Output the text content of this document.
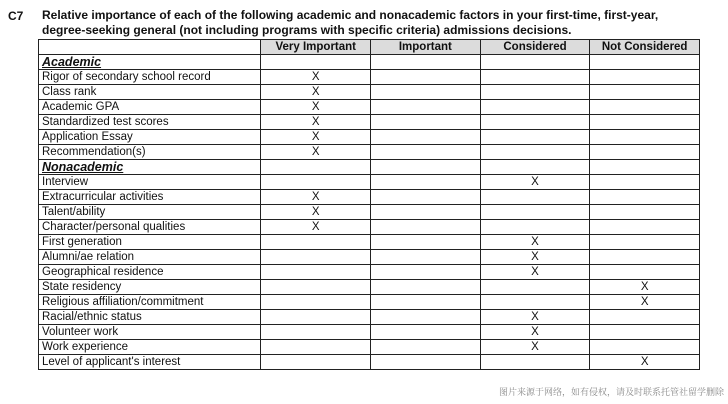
C7 Relative importance of each of the following academic and nonacademic factors in your first-time, first-year, degree-seeking general (not including programs with specific criteria) admissions decisions.
	Very Important	Important	Considered	Not Considered
Academic				
Rigor of secondary school record	X			
Class rank	X			
Academic GPA	X			
Standardized test scores	X			
Application Essay	X			
Recommendation(s)	X			
Nonacademic				
Interview			X	
Extracurricular activities	X			
Talent/ability	X			
Character/personal qualities	X			
First generation			X	
Alumni/ae relation			X	
Geographical residence			X	
State residency				X
Religious affiliation/commitment				X
Racial/ethnic status			X	
Volunteer work			X	
Work experience			X	
Level of applicant's interest				X
图片来源于网络，如有侵权，请及时联系托管社留学删除
